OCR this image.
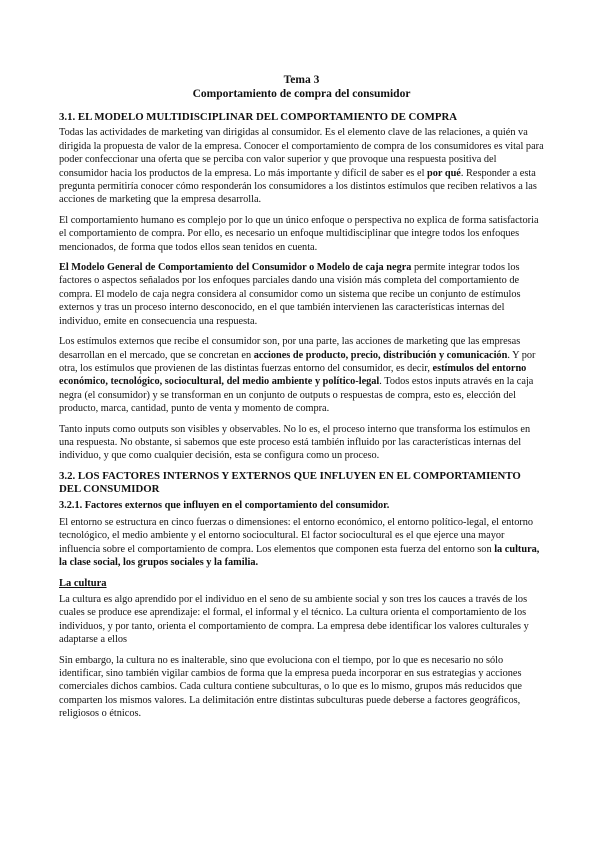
Tema 3

Comportamiento de compra del consumidor

3.1. EL MODELO MULTIDISCIPLINAR DEL COMPORTAMIENTO DE COMPRA

Todas las actividades de marketing van dirigidas al consumidor. Es el elemento clave de las relaciones, a quién va dirigida la propuesta de valor de la empresa. Conocer el comportamiento de compra de los consumidores es vital para poder confeccionar una oferta que se perciba con valor superior y que provoque una respuesta positiva del consumidor hacia los productos de la empresa. Lo más importante y difícil de saber es el por qué. Responder a esta pregunta permitiría conocer cómo responderán los consumidores a los distintos estímulos que reciben relativos a las acciones de marketing que la empresa desarrolla.

El comportamiento humano es complejo por lo que un único enfoque o perspectiva no explica de forma satisfactoria el comportamiento de compra. Por ello, es necesario un enfoque multidisciplinar que integre todos los enfoques mencionados, de forma que todos ellos sean tenidos en cuenta.

El Modelo General de Comportamiento del Consumidor o Modelo de caja negra permite integrar todos los factores o aspectos señalados por los enfoques parciales dando una visión más completa del comportamiento de compra. El modelo de caja negra considera al consumidor como un sistema que recibe un conjunto de estímulos externos y tras un proceso interno desconocido, en el que también intervienen las características internas del individuo, emite en consecuencia una respuesta.

Los estímulos externos que recibe el consumidor son, por una parte, las acciones de marketing que las empresas desarrollan en el mercado, que se concretan en acciones de producto, precio, distribución y comunicación. Y por otra, los estímulos que provienen de las distintas fuerzas entorno del consumidor, es decir, estímulos del entorno económico, tecnológico, sociocultural, del medio ambiente y político-legal. Todos estos inputs através en la caja negra (el consumidor) y se transforman en un conjunto de outputs o respuestas de compra, esto es, elección del producto, marca, cantidad, punto de venta y momento de compra.

Tanto inputs como outputs son visibles y observables. No lo es, el proceso interno que transforma los estímulos en una respuesta. No obstante, si sabemos que este proceso está también influido por las características internas del individuo, y que como cualquier decisión, esta se configura como un proceso.

3.2. LOS FACTORES INTERNOS Y EXTERNOS QUE INFLUYEN EN EL COMPORTAMIENTO DEL CONSUMIDOR
3.2.1. Factores externos que influyen en el comportamiento del consumidor.

El entorno se estructura en cinco fuerzas o dimensiones: el entorno económico, el entorno político-legal, el entorno tecnológico, el medio ambiente y el entorno sociocultural. El factor sociocultural es el que ejerce una mayor influencia sobre el comportamiento de compra. Los elementos que componen esta fuerza del entorno son la cultura, la clase social, los grupos sociales y la familia.

La cultura

La cultura es algo aprendido por el individuo en el seno de su ambiente social y son tres los cauces a través de los cuales se produce ese aprendizaje: el formal, el informal y el técnico. La cultura orienta el comportamiento de los individuos, y por tanto, orienta el comportamiento de compra. La empresa debe identificar los valores culturales y adaptarse a ellos

Sin embargo, la cultura no es inalterable, sino que evoluciona con el tiempo, por lo que es necesario no sólo identificar, sino también vigilar cambios de forma que la empresa pueda incorporar en sus estrategias y acciones comerciales dichos cambios. Cada cultura contiene subculturas, o lo que es lo mismo, grupos más reducidos que comparten los mismos valores. La delimitación entre distintas subculturas puede deberse a factores geográficos, religiosos o étnicos.
